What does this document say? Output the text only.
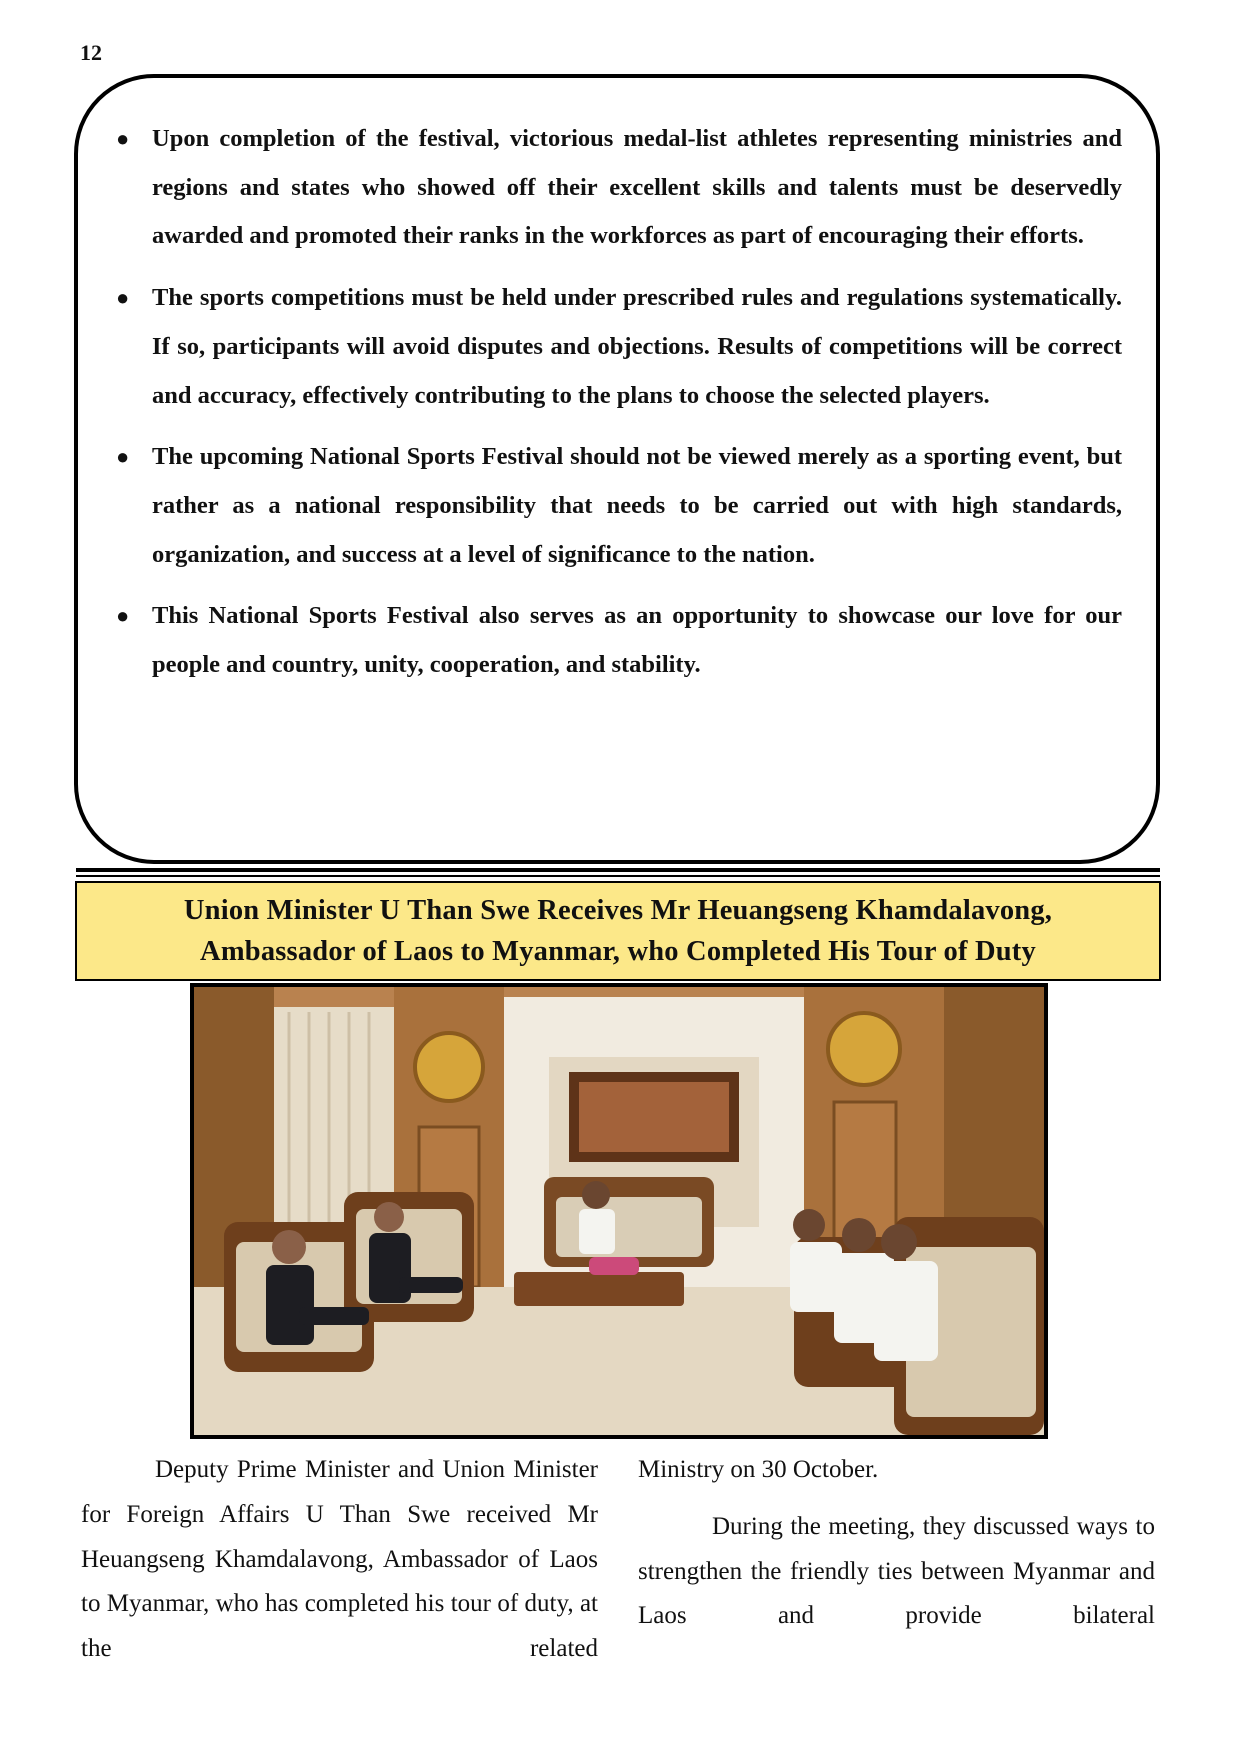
12
● Upon completion of the festival, victorious medal-list athletes representing ministries and regions and states who showed off their excellent skills and talents must be deservedly awarded and promoted their ranks in the workforces as part of encouraging their efforts.
● The sports competitions must be held under prescribed rules and regulations systematically. If so, participants will avoid disputes and objections. Results of competitions will be correct and accuracy, effectively contributing to the plans to choose the selected players.
● The upcoming National Sports Festival should not be viewed merely as a sporting event, but rather as a national responsibility that needs to be carried out with high standards, organization, and success at a level of significance to the nation.
● This National Sports Festival also serves as an opportunity to showcase our love for our people and country, unity, cooperation, and stability.
Union Minister U Than Swe Receives Mr Heuangseng Khamdalavong,
Ambassador of Laos to Myanmar, who Completed His Tour of Duty

Deputy Prime Minister and Union Minister for Foreign Affairs U Than Swe received Mr Heuangseng Khamdalavong, Ambassador of Laos to Myanmar, who has completed his tour of duty, at the related

Ministry on 30 October.

During the meeting, they discussed ways to strengthen the friendly ties between Myanmar and Laos and provide bilateral
